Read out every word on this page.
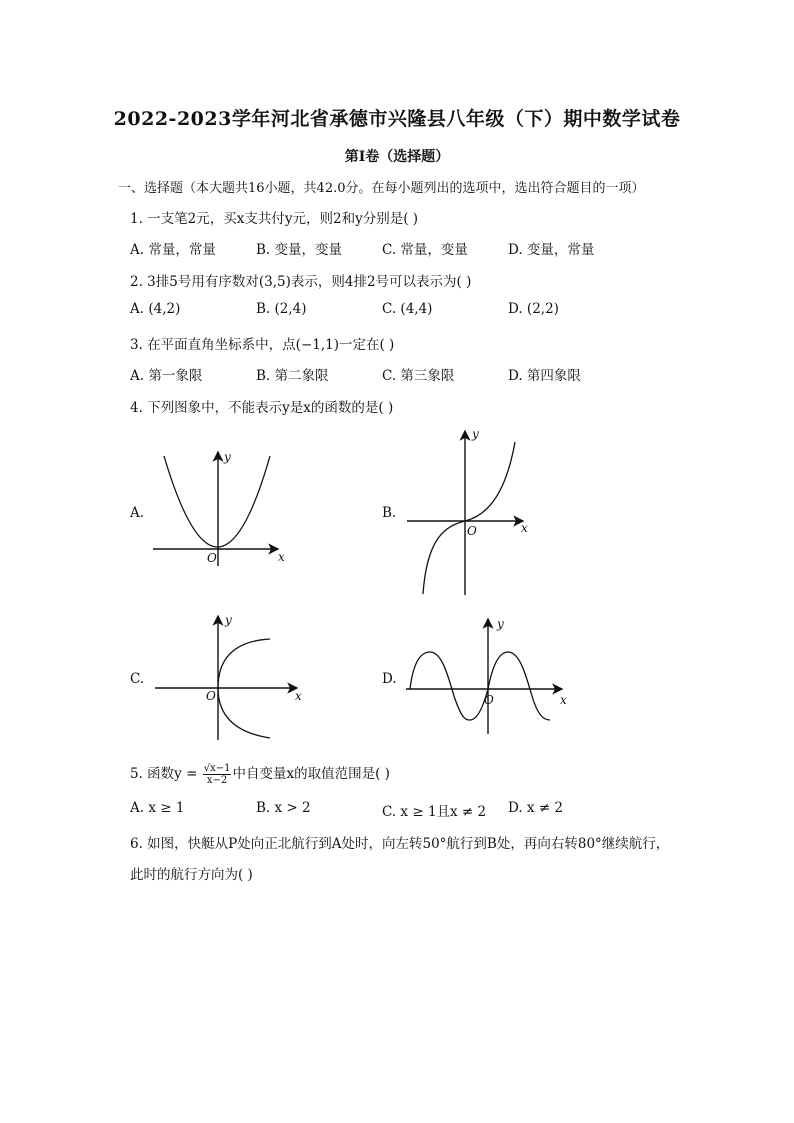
2022-2023学年河北省承德市兴隆县八年级（下）期中数学试卷
第Ⅰ卷（选择题）
一、选择题（本大题共16小题，共42.0分。在每小题列出的选项中，选出符合题目的一项）
1. 一支笔2元，买x支共付y元，则2和y分别是( )
A. 常量，常量	B. 变量，变量	C. 常量，变量	D. 变量，常量
2. 3排5号用有序数对(3,5)表示，则4排2号可以表示为( )
A. (4,2)	B. (2,4)	C. (4,4)	D. (2,2)
3. 在平面直角坐标系中，点(−1,1)一定在( )
A. 第一象限	B. 第二象限	C. 第三象限	D. 第四象限
4. 下列图象中，不能表示y是x的函数的是( )
A.
y
O	x
B.
y
O	x
C.
y
O	x
D.
y
O	x
5. 函数$y = \frac{√x-1}{x-2}$ 中自变量x的取值范围是( )
A. x ≥ 1	B. x > 2	C. x ≥ 1且x ≠ 2 D. x ≠ 2
6. 如图，快艇从P处向正北航行到A处时，向左转50°航行到B处，再向右转80°继续航行，
此时的航行方向为( )
